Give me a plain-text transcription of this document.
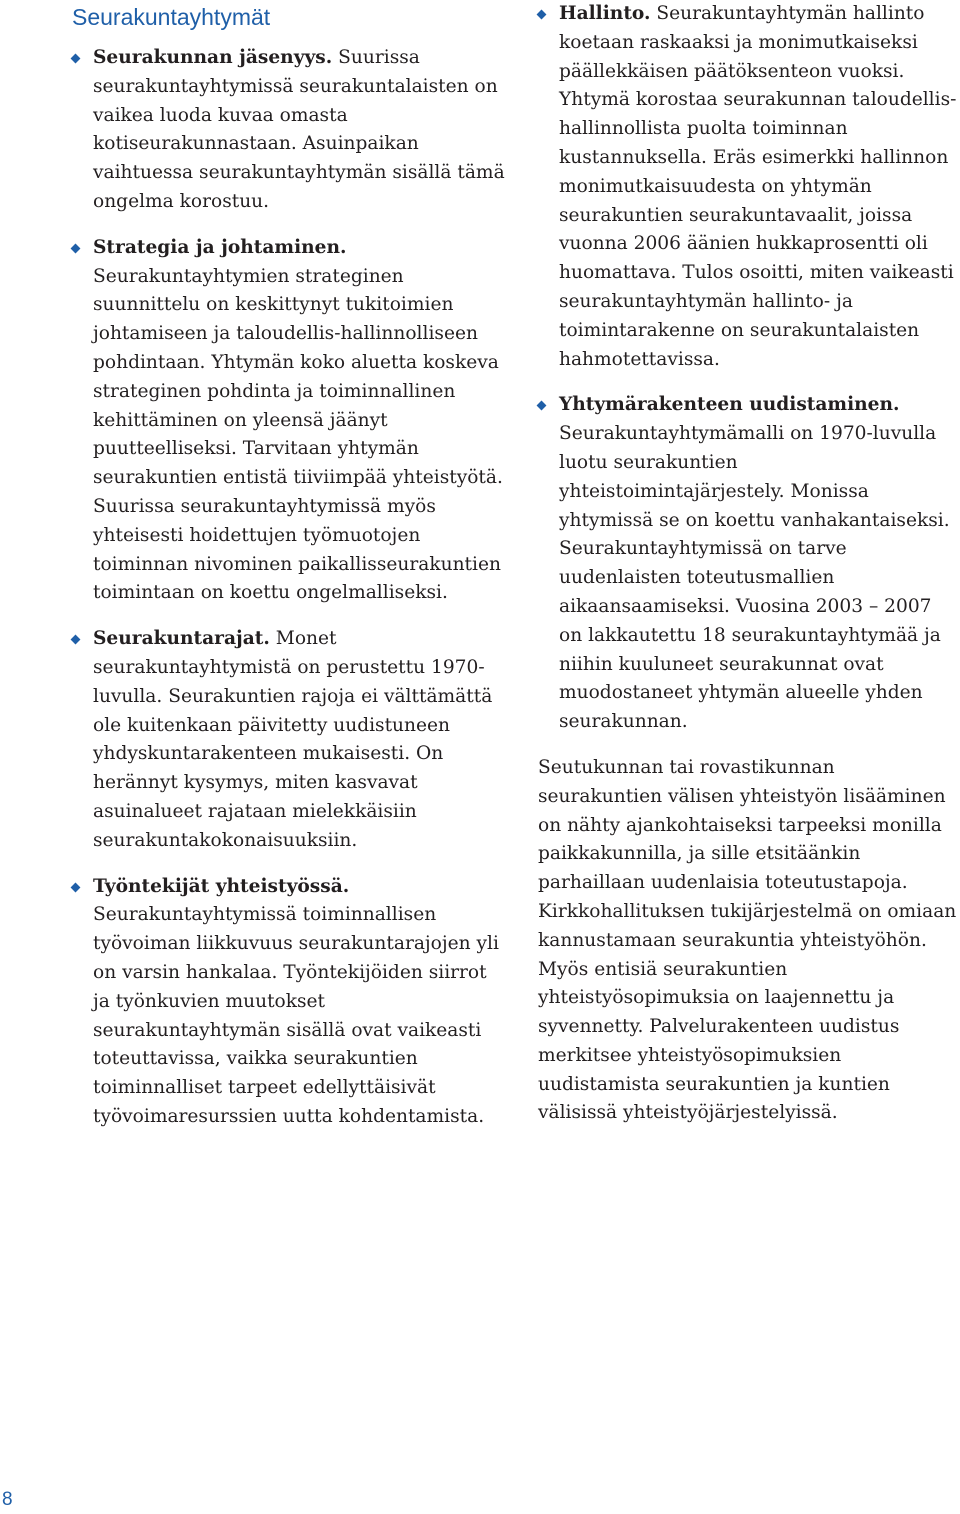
Seurakuntayhtymät

Seurakunnan jäsenyys. Suurissa seurakuntayhtymissä seurakuntalaisten on vaikea luoda kuvaa omasta kotiseurakunnastaan. Asuinpaikan vaihtuessa seurakuntayhtymän sisällä tämä ongelma korostuu.

Strategia ja johtaminen. Seurakuntayhtymien strateginen suunnittelu on keskittynyt tukitoimien johtamiseen ja taloudellis-hallinnolliseen pohdintaan. Yhtymän koko aluetta koskeva strateginen pohdinta ja toiminnallinen kehittäminen on yleensä jäänyt puutteelliseksi. Tarvitaan yhtymän seurakuntien entistä tiiviimpää yhteistyötä. Suurissa seurakuntayhtymissä myös yhteisesti hoidettujen työmuotojen toiminnan nivominen paikallisseurakuntien toimintaan on koettu ongelmalliseksi.

Seurakuntarajat. Monet seurakuntayhtymistä on perustettu 1970-luvulla. Seurakuntien rajoja ei välttämättä ole kuitenkaan päivitetty uudistuneen yhdyskuntarakenteen mukaisesti. On herännyt kysymys, miten kasvavat asuinalueet rajataan mielekkäisiin seurakuntakokonaisuuksiin.

Työntekijät yhteistyössä. Seurakuntayhtymissä toiminnallisen työvoiman liikkuvuus seurakuntarajojen yli on varsin hankalaa. Työntekijöiden siirrot ja työnkuvien muutokset seurakuntayhtymän sisällä ovat vaikeasti toteuttavissa, vaikka seurakuntien toiminnalliset tarpeet edellyttäisivät työvoimaresurssien uutta kohdentamista.

Hallinto. Seurakuntayhtymän hallinto koetaan raskaaksi ja monimutkaiseksi päällekkäisen päätöksenteon vuoksi. Yhtymä korostaa seurakunnan taloudellis-hallinnollista puolta toiminnan kustannuksella. Eräs esimerkki hallinnon monimutkaisuudesta on yhtymän seurakuntien seurakuntavaalit, joissa vuonna 2006 äänien hukkaprosentti oli huomattava. Tulos osoitti, miten vaikeasti seurakuntayhtymän hallinto- ja toimintarakenne on seurakuntalaisten hahmotettavissa.

Yhtymärakenteen uudistaminen. Seurakuntayhtymämalli on 1970-luvulla luotu seurakuntien yhteistoimintajärjestely. Monissa yhtymissä se on koettu vanhakantaiseksi. Seurakuntayhtymissä on tarve uudenlaisten toteutusmallien aikaansaamiseksi. Vuosina 2003 – 2007 on lakkautettu 18 seurakuntayhtymää ja niihin kuuluneet seurakunnat ovat muodostaneet yhtymän alueelle yhden seurakunnan.

Seutukunnan tai rovastikunnan seurakuntien välisen yhteistyön lisääminen on nähty ajankohtaiseksi tarpeeksi monilla paikkakunnilla, ja sille etsitäänkin parhaillaan uudenlaisia toteutustapoja. Kirkkohallituksen tukijärjestelmä on omiaan kannustamaan seurakuntia yhteistyöhön. Myös entisiä seurakuntien yhteistyösopimuksia on laajennettu ja syvennetty. Palvelurakenteen uudistus merkitsee yhteistyösopimuksien uudistamista seurakuntien ja kuntien välisissä yhteistyöjärjestelyissä.

8
